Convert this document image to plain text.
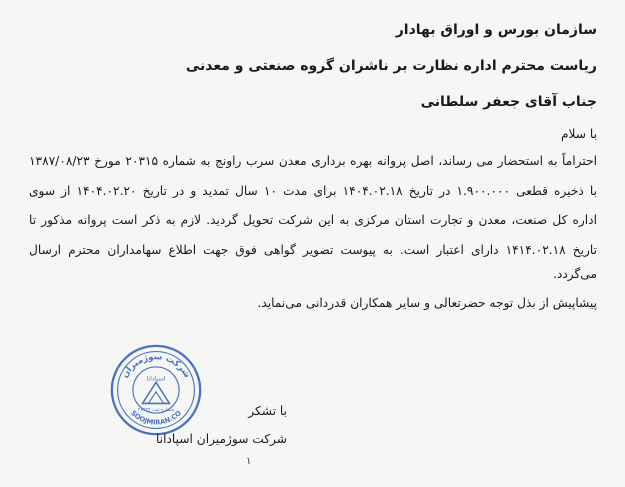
سازمان بورس و اوراق بهادار
ریاست محترم اداره نظارت بر ناشران گروه صنعتی و معدنی
جناب آقای جعفر سلطانی
با سلام
احتراماً به استحضار می رساند، اصل پروانه بهره برداری معدن سرب راونج به شماره ۲۰۳۱۵ مورخ ۱۳۸۷/۰۸/۲۳
با ذخیره قطعی ۱.۹۰۰.۰۰۰ در تاریخ ۱۴۰۴.۰۲.۱۸ برای مدت ۱۰ سال تمدید و در تاریخ ۱۴۰۴.۰۲.۲۰ از سوی
اداره کل صنعت، معدن و تجارت استان مرکزی به این شرکت تحویل گردید. لازم به ذکر است پروانه مذکور تا
تاریخ ۱۴۱۴.۰۲.۱۸ دارای اعتبار است. به پیوست تصویر گواهی فوق جهت اطلاع سهامداران محترم ارسال
می‌گردد.
پیشاپیش از بذل توجه حضرتعالی و سایر همکاران قدردانی می‌نماید.
شرکت سوژمیران
SOOJMIRAN.CO
اسپادانا
شماره ثبت ۲۸۹۴۲	با تشکر
شرکت سوژمیران اسپادانا
۱
